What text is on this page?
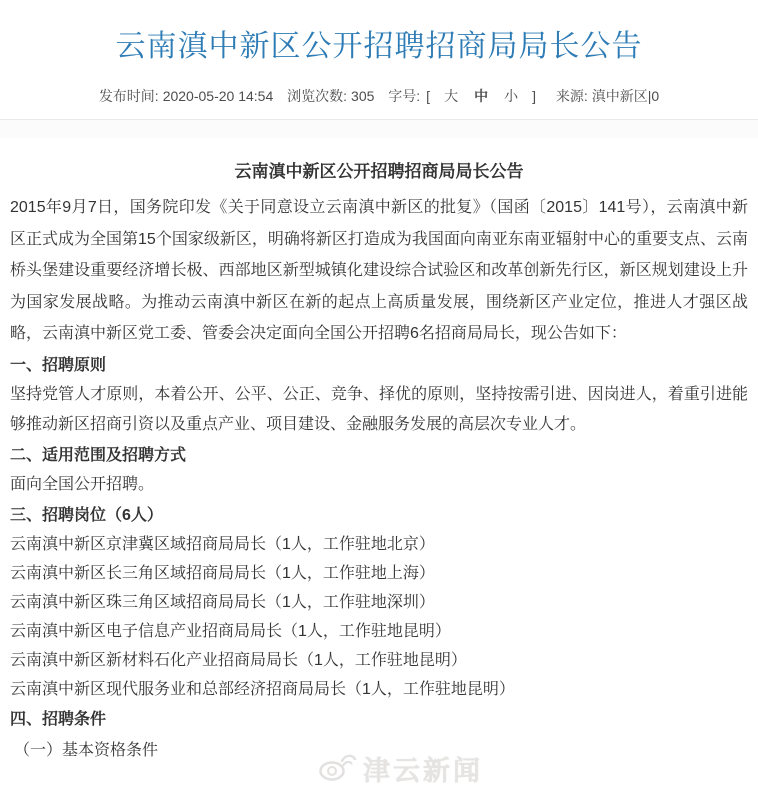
云南滇中新区公开招聘招商局局长公告
发布时间: 2020-05-20 14:54 浏览次数: 305 字号: [ 大 中 小 ] 来源: 滇中新区|0
云南滇中新区公开招聘招商局局长公告

2015年9月7日，国务院印发《关于同意设立云南滇中新区的批复》（国函〔2015〕141号），云南滇中新区正式成为全国第15个国家级新区，明确将新区打造成为我国面向南亚东南亚辐射中心的重要支点、云南桥头堡建设重要经济增长极、西部地区新型城镇化建设综合试验区和改革创新先行区，新区规划建设上升为国家发展战略。为推动云南滇中新区在新的起点上高质量发展，围绕新区产业定位，推进人才强区战略，云南滇中新区党工委、管委会决定面向全国公开招聘6名招商局局长，现公告如下：

一、招聘原则

坚持党管人才原则，本着公开、公平、公正、竞争、择优的原则，坚持按需引进、因岗进人，着重引进能够推动新区招商引资以及重点产业、项目建设、金融服务发展的高层次专业人才。

二、适用范围及招聘方式

面向全国公开招聘。

三、招聘岗位（6人）

云南滇中新区京津冀区域招商局局长（1人，工作驻地北京）

云南滇中新区长三角区域招商局局长（1人，工作驻地上海）

云南滇中新区珠三角区域招商局局长（1人，工作驻地深圳）

云南滇中新区电子信息产业招商局局长（1人，工作驻地昆明）

云南滇中新区新材料石化产业招商局局长（1人，工作驻地昆明）

云南滇中新区现代服务业和总部经济招商局局长（1人，工作驻地昆明）

四、招聘条件

（一）基本资格条件

津云新闻
